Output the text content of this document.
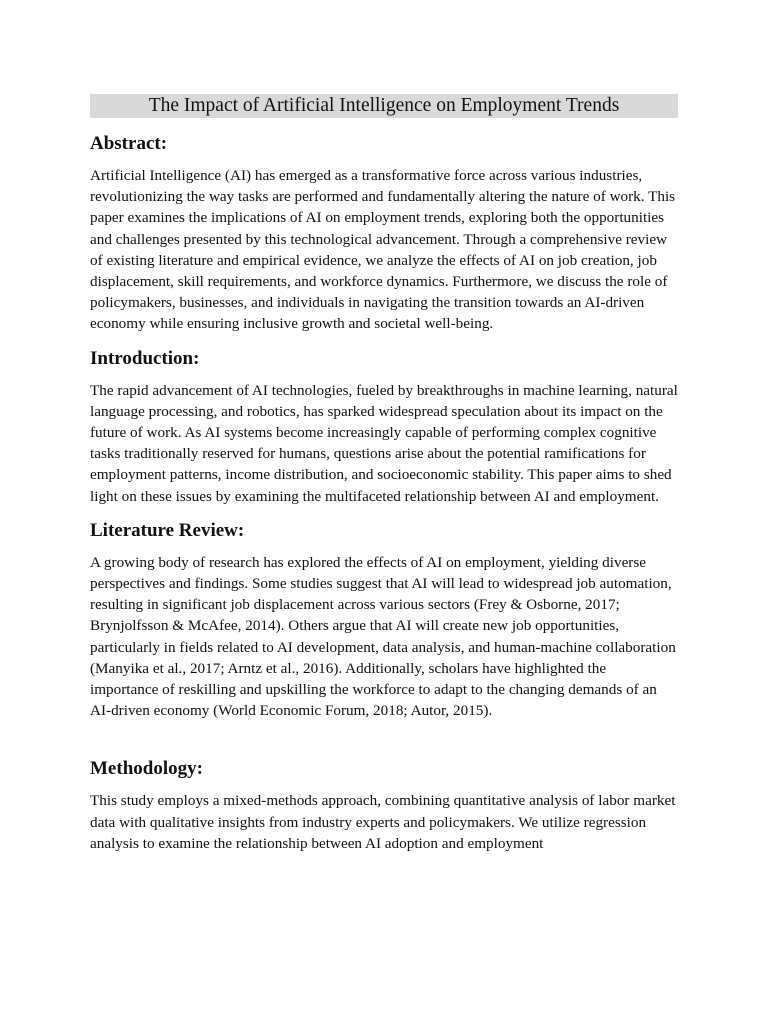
The Impact of Artificial Intelligence on Employment Trends
Abstract:

Artificial Intelligence (AI) has emerged as a transformative force across various industries, revolutionizing the way tasks are performed and fundamentally altering the nature of work. This paper examines the implications of AI on employment trends, exploring both the opportunities and challenges presented by this technological advancement. Through a comprehensive review of existing literature and empirical evidence, we analyze the effects of AI on job creation, job displacement, skill requirements, and workforce dynamics. Furthermore, we discuss the role of policymakers, businesses, and individuals in navigating the transition towards an AI-driven economy while ensuring inclusive growth and societal well-being.

Introduction:

The rapid advancement of AI technologies, fueled by breakthroughs in machine learning, natural language processing, and robotics, has sparked widespread speculation about its impact on the future of work. As AI systems become increasingly capable of performing complex cognitive tasks traditionally reserved for humans, questions arise about the potential ramifications for employment patterns, income distribution, and socioeconomic stability. This paper aims to shed light on these issues by examining the multifaceted relationship between AI and employment.

Literature Review:

A growing body of research has explored the effects of AI on employment, yielding diverse perspectives and findings. Some studies suggest that AI will lead to widespread job automation, resulting in significant job displacement across various sectors (Frey & Osborne, 2017; Brynjolfsson & McAfee, 2014). Others argue that AI will create new job opportunities, particularly in fields related to AI development, data analysis, and human-machine collaboration (Manyika et al., 2017; Arntz et al., 2016). Additionally, scholars have highlighted the importance of reskilling and upskilling the workforce to adapt to the changing demands of an AI-driven economy (World Economic Forum, 2018; Autor, 2015).

Methodology:

This study employs a mixed-methods approach, combining quantitative analysis of labor market data with qualitative insights from industry experts and policymakers. We utilize regression analysis to examine the relationship between AI adoption and employment
